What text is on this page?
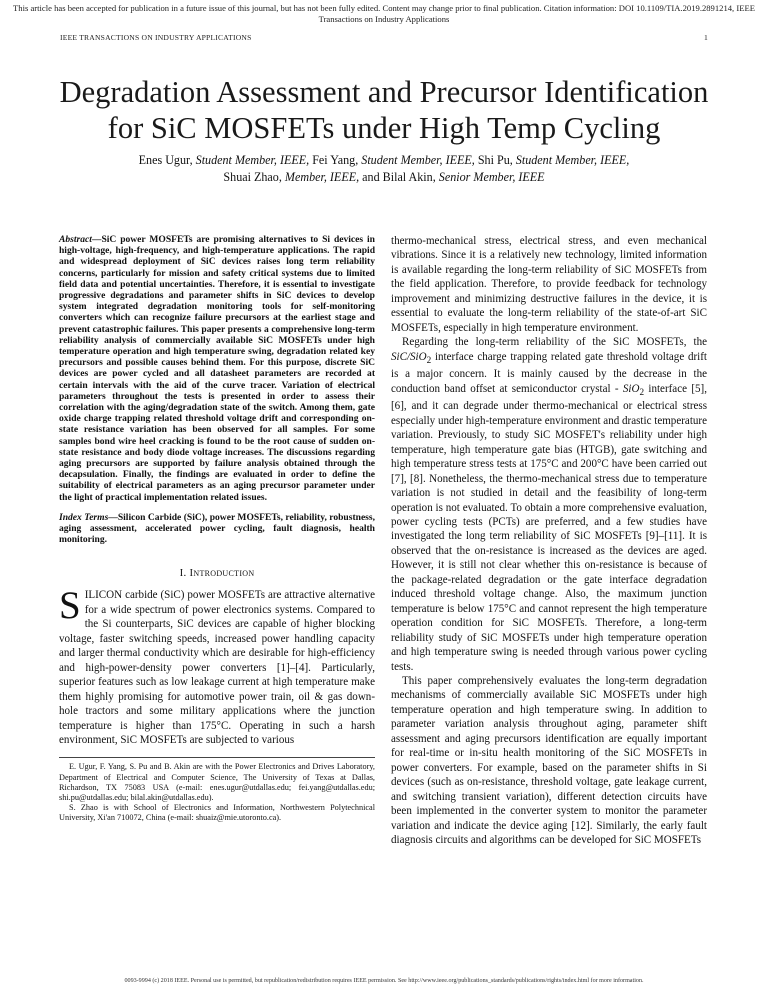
This article has been accepted for publication in a future issue of this journal, but has not been fully edited. Content may change prior to final publication. Citation information: DOI 10.1109/TIA.2019.2891214, IEEE
Transactions on Industry Applications
IEEE TRANSACTIONS ON INDUSTRY APPLICATIONS	1
Degradation Assessment and Precursor Identification
for SiC MOSFETs under High Temp Cycling
Enes Ugur, Student Member, IEEE, Fei Yang, Student Member, IEEE, Shi Pu, Student Member, IEEE,
Shuai Zhao, Member, IEEE, and Bilal Akin, Senior Member, IEEE

Abstract—SiC power MOSFETs are promising alternatives to Si devices in high-voltage, high-frequency, and high-temperature applications. The rapid and widespread deployment of SiC devices raises long term reliability concerns, particularly for mission and safety critical systems due to limited field data and potential uncertainties. Therefore, it is essential to investigate progressive degradations and parameter shifts in SiC devices to develop system integrated degradation monitoring tools for self-monitoring converters which can recognize failure precursors at the earliest stage and prevent catastrophic failures. This paper presents a comprehensive long-term reliability analysis of commercially available SiC MOSFETs under high temperature operation and high temperature swing, degradation related key precursors and possible causes behind them. For this purpose, discrete SiC devices are power cycled and all datasheet parameters are recorded at certain intervals with the aid of the curve tracer. Variation of electrical parameters throughout the tests is presented in order to assess their correlation with the aging/degradation state of the switch. Among them, gate oxide charge trapping related threshold voltage drift and corresponding on-state resistance variation has been observed for all samples. For some samples bond wire heel cracking is found to be the root cause of sudden on-state resistance and body diode voltage increases. The discussions regarding aging precursors are supported by failure analysis obtained through the decapsulation. Finally, the findings are evaluated in order to define the suitability of electrical parameters as an aging precursor parameter under the light of practical implementation related issues.

Index Terms—Silicon Carbide (SiC), power MOSFETs, reliability, robustness, aging assessment, accelerated power cycling, fault diagnosis, health monitoring.

I. Introduction

SILICON carbide (SiC) power MOSFETs are attractive alternative for a wide spectrum of power electronics systems. Compared to the Si counterparts, SiC devices are capable of higher blocking voltage, faster switching speeds, increased power handling capacity and larger thermal conductivity which are desirable for high-efficiency and high-power-density power converters [1]–[4]. Particularly, superior features such as low leakage current at high temperature make them highly promising for automotive power train, oil & gas down-hole tractors and some military applications where the junction temperature is higher than 175°C. Operating in such a harsh environment, SiC MOSFETs are subjected to various

E. Ugur, F. Yang, S. Pu and B. Akin are with the Power Electronics and Drives Laboratory, Department of Electrical and Computer Science, The University of Texas at Dallas, Richardson, TX 75083 USA (e-mail: enes.ugur@utdallas.edu; fei.yang@utdallas.edu; shi.pu@utdallas.edu; bilal.akin@utdallas.edu).

S. Zhao is with School of Electronics and Information, Northwestern Polytechnical University, Xi'an 710072, China (e-mail: shuaiz@mie.utoronto.ca).

thermo-mechanical stress, electrical stress, and even mechanical vibrations. Since it is a relatively new technology, limited information is available regarding the long-term reliability of SiC MOSFETs from the field application. Therefore, to provide feedback for technology improvement and minimizing destructive failures in the device, it is essential to evaluate the long-term reliability of the state-of-art SiC MOSFETs, especially in high temperature environment.

Regarding the long-term reliability of the SiC MOSFETs, the SiC/SiO$_2$ interface charge trapping related gate threshold voltage drift is a major concern. It is mainly caused by the decrease in the conduction band offset at semiconductor crystal - SiO$_2$ interface [5], [6], and it can degrade under thermo-mechanical or electrical stress especially under high-temperature environment and drastic temperature variation. Previously, to study SiC MOSFET's reliability under high temperature, high temperature gate bias (HTGB), gate switching and high temperature stress tests at 175°C and 200°C have been carried out [7], [8]. Nonetheless, the thermo-mechanical stress due to temperature variation is not studied in detail and the feasibility of long-term operation is not evaluated. To obtain a more comprehensive evaluation, power cycling tests (PCTs) are preferred, and a few studies have investigated the long term reliability of SiC MOSFETs [9]–[11]. It is observed that the on-resistance is increased as the devices are aged. However, it is still not clear whether this on-resistance is because of the package-related degradation or the gate interface degradation induced threshold voltage change. Also, the maximum junction temperature is below 175°C and cannot represent the high temperature operation condition for SiC MOSFETs. Therefore, a long-term reliability study of SiC MOSFETs under high temperature operation and high temperature swing is needed through various power cycling tests.

This paper comprehensively evaluates the long-term degradation mechanisms of commercially available SiC MOSFETs under high temperature operation and high temperature swing. In addition to parameter variation analysis throughout aging, parameter shift assessment and aging precursors identification are equally important for real-time or in-situ health monitoring of the SiC MOSFETs in power converters. For example, based on the parameter shifts in Si devices (such as on-resistance, threshold voltage, gate leakage current, and switching transient variation), different detection circuits have been implemented in the converter system to monitor the parameter variation and indicate the device aging [12]. Similarly, the early fault diagnosis circuits and algorithms can be developed for SiC MOSFETs

0093-9994 (c) 2018 IEEE. Personal use is permitted, but republication/redistribution requires IEEE permission. See http://www.ieee.org/publications_standards/publications/rights/index.html for more information.
